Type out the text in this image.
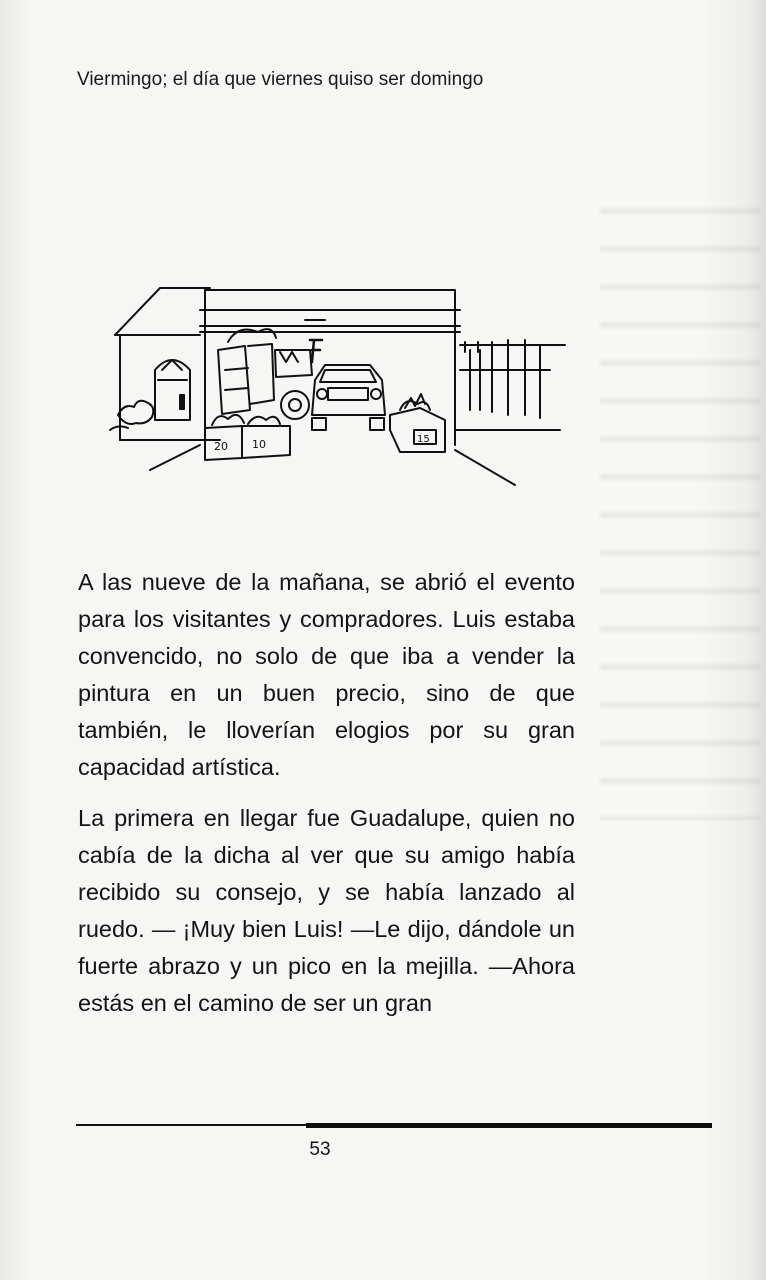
Viermingo; el día que viernes quiso ser domingo
20 10	15

A las nueve de la mañana, se abrió el evento para los visitantes y compradores. Luis estaba convencido, no solo de que iba a vender la pintura en un buen precio, sino de que también, le lloverían elogios por su gran capacidad artística.

La primera en llegar fue Guadalupe, quien no cabía de la dicha al ver que su amigo había recibido su consejo, y se había lanzado al ruedo. — ¡Muy bien Luis! —Le dijo, dándole un fuerte abrazo y un pico en la mejilla. —Ahora estás en el camino de ser un gran

53
